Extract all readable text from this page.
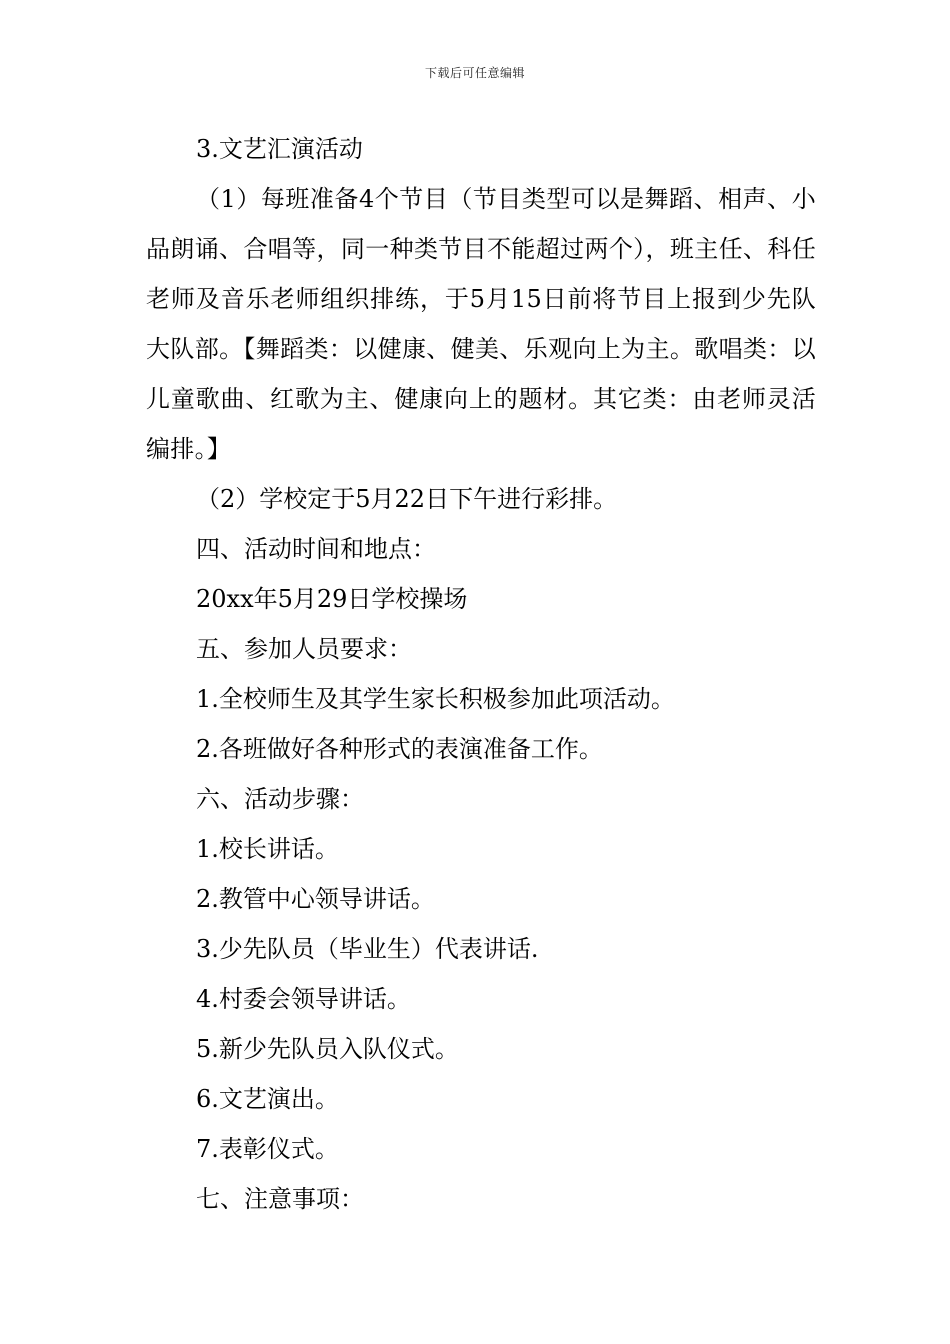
下载后可任意编辑

3.文艺汇演活动

（1）每班准备4个节目（节目类型可以是舞蹈、相声、小品朗诵、合唱等，同一种类节目不能超过两个），班主任、科任老师及音乐老师组织排练，于5月15日前将节目上报到少先队大队部。【舞蹈类：以健康、健美、乐观向上为主。歌唱类：以儿童歌曲、红歌为主、健康向上的题材。其它类：由老师灵活编排。】

（2）学校定于5月22日下午进行彩排。

四、活动时间和地点：

20xx年5月29日学校操场

五、参加人员要求：

1.全校师生及其学生家长积极参加此项活动。

2.各班做好各种形式的表演准备工作。

六、活动步骤：

1.校长讲话。

2.教管中心领导讲话。

3.少先队员（毕业生）代表讲话.

4.村委会领导讲话。

5.新少先队员入队仪式。

6.文艺演出。

7.表彰仪式。

七、注意事项：
